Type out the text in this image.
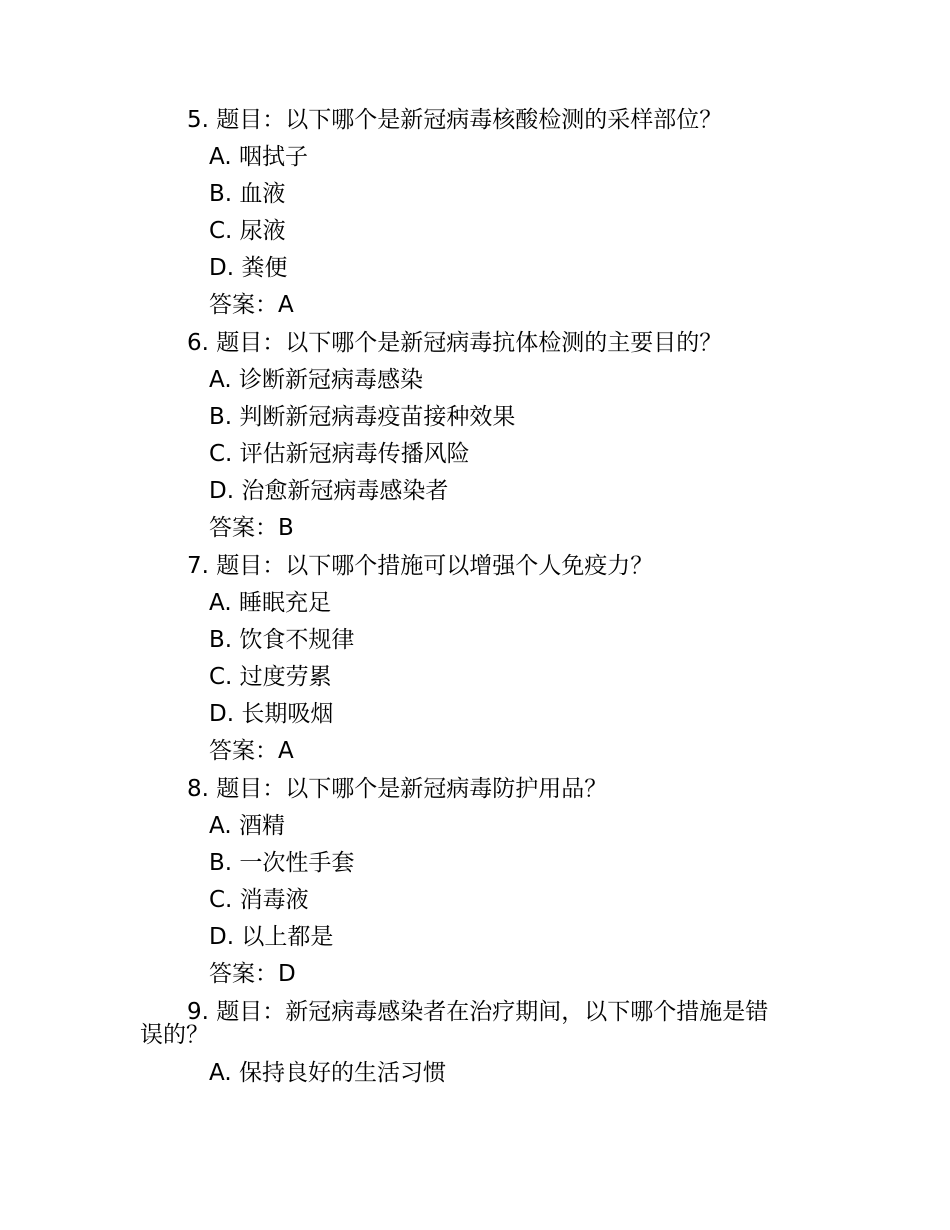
5. 题目：以下哪个是新冠病毒核酸检测的采样部位？
A. 咽拭子
B. 血液
C. 尿液
D. 粪便
答案：A
6. 题目：以下哪个是新冠病毒抗体检测的主要目的？
A. 诊断新冠病毒感染
B. 判断新冠病毒疫苗接种效果
C. 评估新冠病毒传播风险
D. 治愈新冠病毒感染者
答案：B
7. 题目：以下哪个措施可以增强个人免疫力？
A. 睡眠充足
B. 饮食不规律
C. 过度劳累
D. 长期吸烟
答案：A
8. 题目：以下哪个是新冠病毒防护用品？
A. 酒精
B. 一次性手套
C. 消毒液
D. 以上都是
答案：D
9. 题目：新冠病毒感染者在治疗期间，以下哪个措施是错
误的？
A. 保持良好的生活习惯
